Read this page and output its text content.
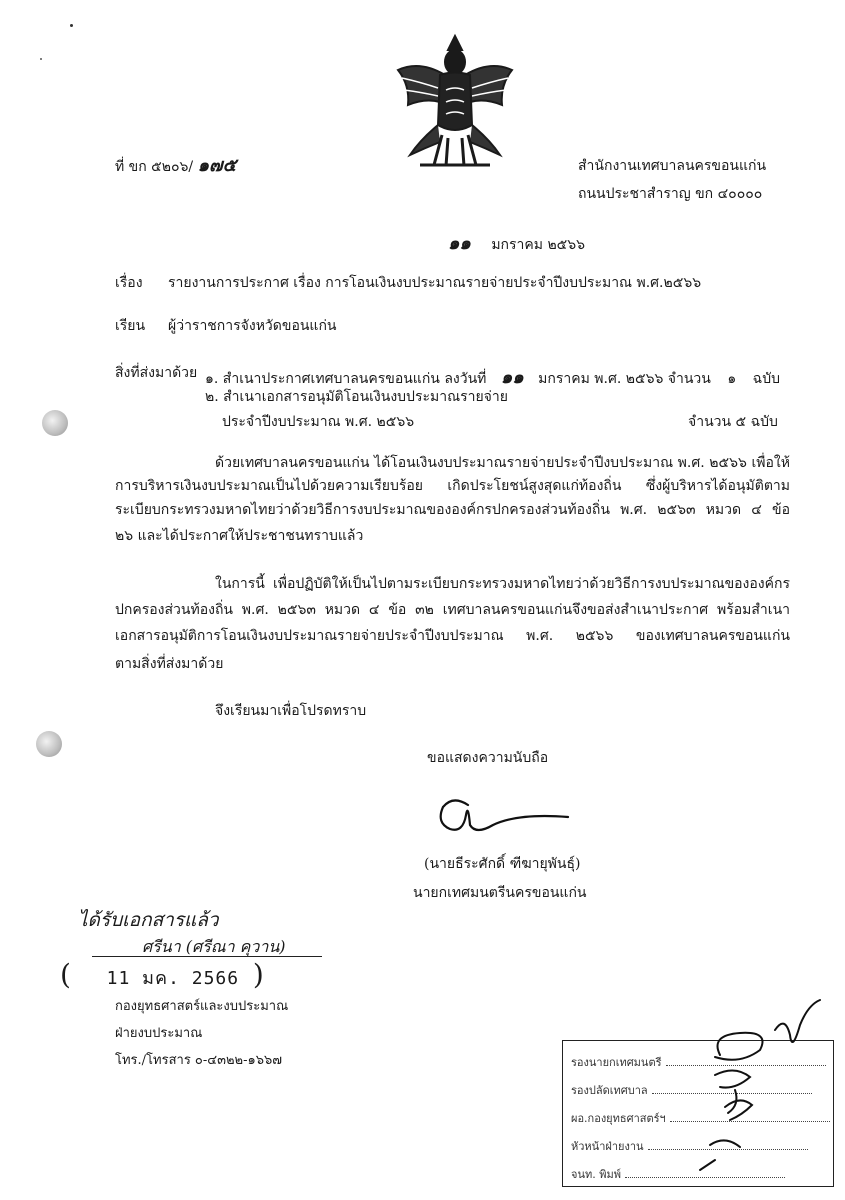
ที่ ขก ๕๒๐๖/ ๑๗๕	สำนักงานเทศบาลนครขอนแก่น
ถนนประชาสำราญ ขก ๔๐๐๐๐
๑๑ มกราคม ๒๕๖๖
เรื่อง รายงานการประกาศ เรื่อง การโอนเงินงบประมาณรายจ่ายประจำปีงบประมาณ พ.ศ.๒๕๖๖
เรียน ผู้ว่าราชการจังหวัดขอนแก่น
สิ่งที่ส่งมาด้วย ๑. สำเนาประกาศเทศบาลนครขอนแก่น ลงวันที่ ๑๑ มกราคม พ.ศ. ๒๕๖๖ จำนวน ๑ ฉบับ
๒. สำเนาเอกสารอนุมัติโอนเงินงบประมาณรายจ่าย
ประจำปีงบประมาณ พ.ศ. ๒๕๖๖	จำนวน ๕ ฉบับ
ด้วยเทศบาลนครขอนแก่น ได้โอนเงินงบประมาณรายจ่ายประจำปีงบประมาณ พ.ศ. ๒๕๖๖ เพื่อให้
การบริหารเงินงบประมาณเป็นไปด้วยความเรียบร้อย เกิดประโยชน์สูงสุดแก่ท้องถิ่น ซึ่งผู้บริหารได้อนุมัติตาม
ระเบียบกระทรวงมหาดไทยว่าด้วยวิธีการงบประมาณขององค์กรปกครองส่วนท้องถิ่น พ.ศ. ๒๕๖๓ หมวด ๔ ข้อ
๒๖ และได้ประกาศให้ประชาชนทราบแล้ว
ในการนี้ เพื่อปฏิบัติให้เป็นไปตามระเบียบกระทรวงมหาดไทยว่าด้วยวิธีการงบประมาณขององค์กร
ปกครองส่วนท้องถิ่น พ.ศ. ๒๕๖๓ หมวด ๔ ข้อ ๓๒ เทศบาลนครขอนแก่นจึงขอส่งสำเนาประกาศ พร้อมสำเนา
เอกสารอนุมัติการโอนเงินงบประมาณรายจ่ายประจำปีงบประมาณ พ.ศ. ๒๕๖๖ ของเทศบาลนครขอนแก่น
ตามสิ่งที่ส่งมาด้วย
จึงเรียนมาเพื่อโปรดทราบ
ขอแสดงความนับถือ
(นายธีระศักดิ์ ฑีฆายุพันธุ์)
นายกเทศมนตรีนครขอนแก่น
ได้รับเอกสารแล้ว
ศรีนา (ศรีณา คุวาน)
( 11 มค. 2566 )
กองยุทธศาสตร์และงบประมาณ
ฝ่ายงบประมาณ
โทร./โทรสาร ๐-๔๓๒๒-๑๖๖๗	รองนายกเทศมนตรี
รองปลัดเทศบาล
ผอ.กองยุทธศาสตร์ฯ
หัวหน้าฝ่ายงาน
จนท. พิมพ์
